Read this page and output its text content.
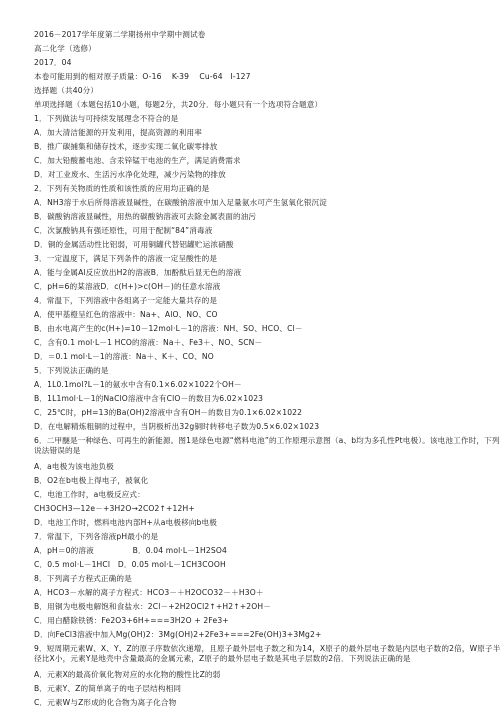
2016－2017学年度第二学期扬州中学期中测试卷
高二化学（选修）
2017．04
本卷可能用到的相对原子质量：O-16　 K-39　 Cu-64　I-127
选择题（共40分）
单项选择题（本题包括10小题，每题2分，共20分．每小题只有一个选项符合题意）
1．下列做法与可持续发展理念不符合的是
A．加大清洁能源的开发利用，提高资源的利用率
B．推广碳捕集和储存技术，逐步实现二氧化碳零排放
C．加大铅酸蓄电池、含汞锌锰干电池的生产，满足消费需求
D．对工业废水、生活污水净化处理，减少污染物的排放
2．下列有关物质的性质和该性质的应用均正确的是
A．NH3溶于水后所得溶液显碱性，在碳酸钠溶液中加入足量氨水可产生氢氧化银沉淀
B．碳酸钠溶液显碱性，用热的碳酸钠溶液可去除金属表面的油污
C．次氯酸钠具有强还原性，可用于配制“84”消毒液
D．铜的金属活动性比铝弱，可用铜罐代替铝罐贮运浓硝酸
3．一定温度下，满足下列条件的溶液一定呈酸性的是
A．能与金属Al反应放出H2的溶液B．加酚酞后显无色的溶液
C．pH=6的某溶液D．c(H+)>c(OH－)的任意水溶液
4．常温下，下列溶液中各组离子一定能大量共存的是
A．使甲基橙呈红色的溶液中：Na+、AlO、NO、CO
B．由水电离产生的c(H+)=10－12mol·L－1的溶液：NH、SO、HCO、Cl－
C．含有0.1 mol·L－1 HCO的溶液：Na＋、Fe3＋、NO、SCN－
D．＝0.1 mol·L－1的溶液：Na＋、K＋、CO、NO
5．下列说法正确的是
A．1L0.1mol?L－1的氨水中含有0.1×6.02×1022个OH－
B．1L1mol·L－1的NaClO溶液中含有ClO－的数目为6.02×1023
C．25℃时，pH=13的Ba(OH)2溶液中含有OH－的数目为0.1×6.02×1022
D．在电解精炼粗铜的过程中，当阴极析出32g铜时转移电子数为0.5×6.02×1023
6．二甲醚是一种绿色、可再生的新能源。图1是绿色电源“燃料电池”的工作原理示意图（a、b均为多孔性Pt电极）。该电池工作时，下列说法错误的是
A．a电极为该电池负极
B．O2在b电极上得电子，被氧化
C．电池工作时，a电极反应式：
CH3OCH3—12e－+3H2O→2CO2↑+12H+
D．电池工作时，燃料电池内部H+从a电极移向b电极
7．常温下，下列各溶液pH最小的是
A．pH＝0的溶液　　　　　B．0.04 mol·L－1H2SO4
C．0.5 mol·L－1HCl　D．0.05 mol·L－1CH3COOH
8．下列离子方程式正确的是
A．HCO3－水解的离子方程式：HCO3－＋H2OCO32－＋H3O＋
B．用铜为电极电解饱和食盐水：2Cl－+2H2OCl2↑+H2↑+2OH－
C．用白醋除铁锈：Fe2O3+6H+===3H2O + 2Fe3+
D．向FeCl3溶液中加入Mg(OH)2：3Mg(OH)2+2Fe3+===2Fe(OH)3+3Mg2+
9．短周期元素W、X、Y、Z的原子序数依次递增，且原子最外层电子数之和为14，X原子的最外层电子数是内层电子数的2倍，W原子半径比X小，元素Y是地壳中含量最高的金属元素，Z原子的最外层电子数是其电子层数的2倍．下列说法正确的是
A．元素X的最高价氧化物对应的水化物的酸性比Z的弱
B．元素Y、Z的简单离子的电子层结构相同
C．元素W与Z形成的化合物为离子化合物
